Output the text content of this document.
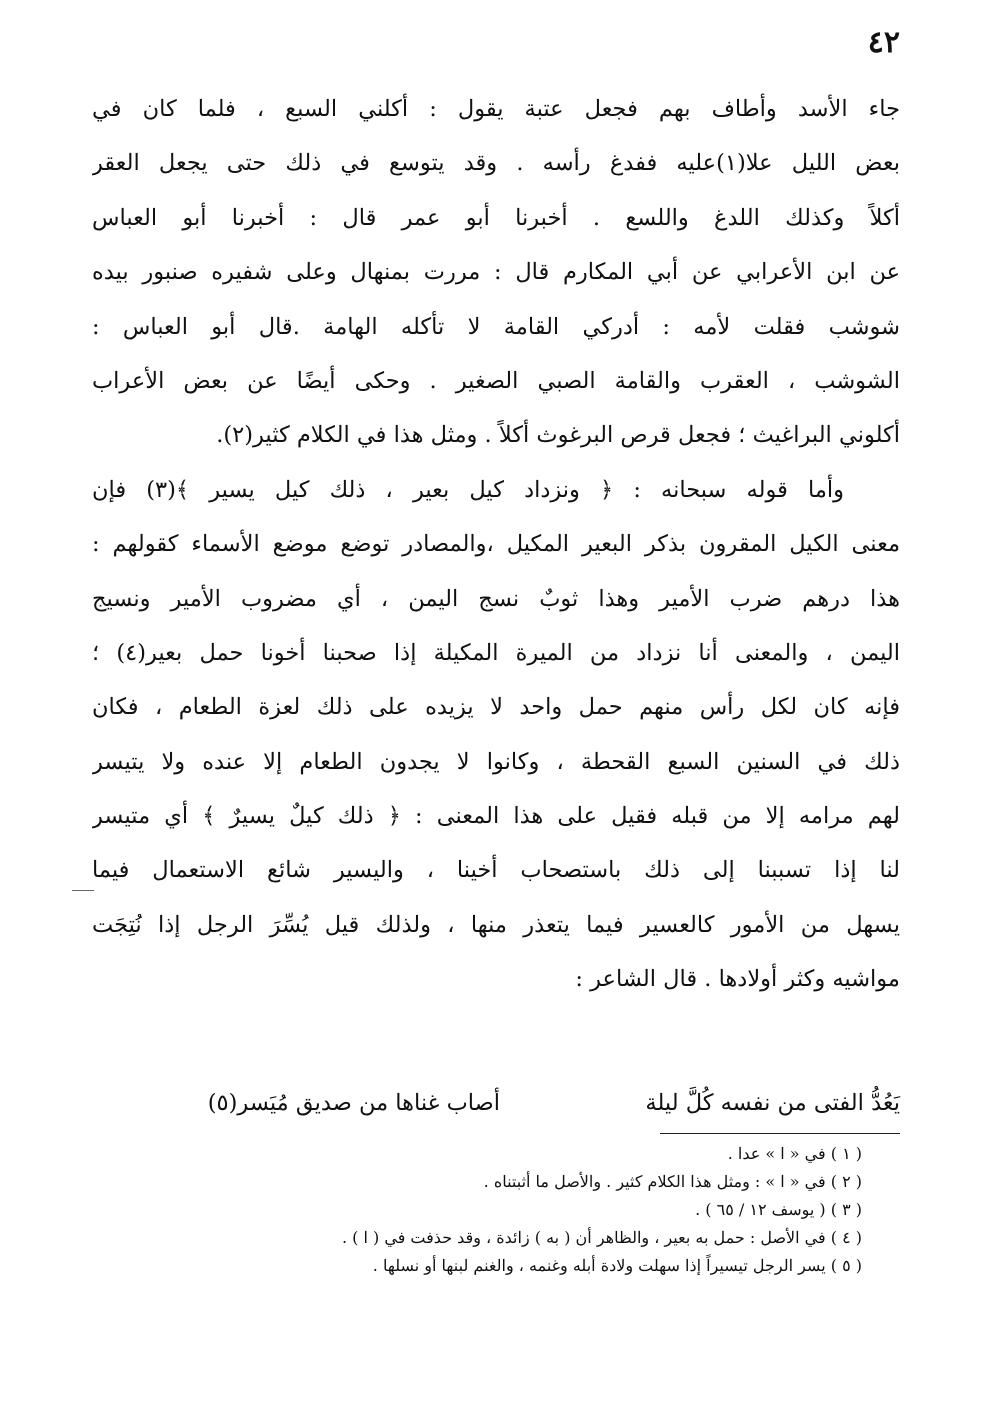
٤٢
جاء الأسد وأطاف بهم فجعل عتبة يقول : أكلني السبع ، فلما كان في
بعض الليل علا(١)عليه ففدغ رأسه . وقد يتوسع في ذلك حتى يجعل العقر
أكلاً وكذلك اللدغ واللسع . أخبرنا أبو عمر قال : أخبرنا أبو العباس
عن ابن الأعرابي عن أبي المكارم قال : مررت بمنهال وعلى شفيره صنبور بيده
شوشب فقلت لأمه : أدركي القامة لا تأكله الهامة .قال أبو العباس :
الشوشب ، العقرب والقامة الصبي الصغير . وحكى أيضًا عن بعض الأعراب
أكلوني البراغيث ؛ فجعل قرص البرغوث أكلاً . ومثل هذا في الكلام كثير(٢).
وأما قوله سبحانه : ﴿ ونزداد كيل بعير ، ذلك كيل يسير ﴾(٣) فإن
معنى الكيل المقرون بذكر البعير المكيل ،والمصادر توضع موضع الأسماء كقولهم :
هذا درهم ضرب الأمير وهذا ثوبٌ نسج اليمن ، أي مضروب الأمير ونسيج
اليمن ، والمعنى أنا نزداد من الميرة المكيلة إذا صحبنا أخونا حمل بعير(٤) ؛
فإنه كان لكل رأس منهم حمل واحد لا يزيده على ذلك لعزة الطعام ، فكان
ذلك في السنين السبع القحطة ، وكانوا لا يجدون الطعام إلا عنده ولا يتيسر
لهم مرامه إلا من قبله فقيل على هذا المعنى : ﴿ ذلك كيلٌ يسيرٌ ﴾ أي متيسر
لنا إذا تسببنا إلى ذلك باستصحاب أخينا ، واليسير شائع الاستعمال فيما
يسهل من الأمور كالعسير فيما يتعذر منها ، ولذلك قيل يُسِّرَ الرجل إذا نُتِجَت
مواشيه وكثر أولادها . قال الشاعر :
يَعُدُّ الفتى من نفسه كُلَّ ليلة
أصاب غناها من صديق مُيَسر(٥)
( ١ ) في « ا » عدا .
( ٢ ) في « ا » : ومثل هذا الكلام كثير . والأصل ما أثبتناه .
( ٣ ) ( يوسف ١٢ / ٦٥ ) .
( ٤ ) في الأصل : حمل به بعير ، والظاهر أن ( به ) زائدة ، وقد حذفت في ( ا ) .
( ٥ ) يسر الرجل تيسيراً إذا سهلت ولادة أبله وغنمه ، والغنم لبنها أو نسلها .
